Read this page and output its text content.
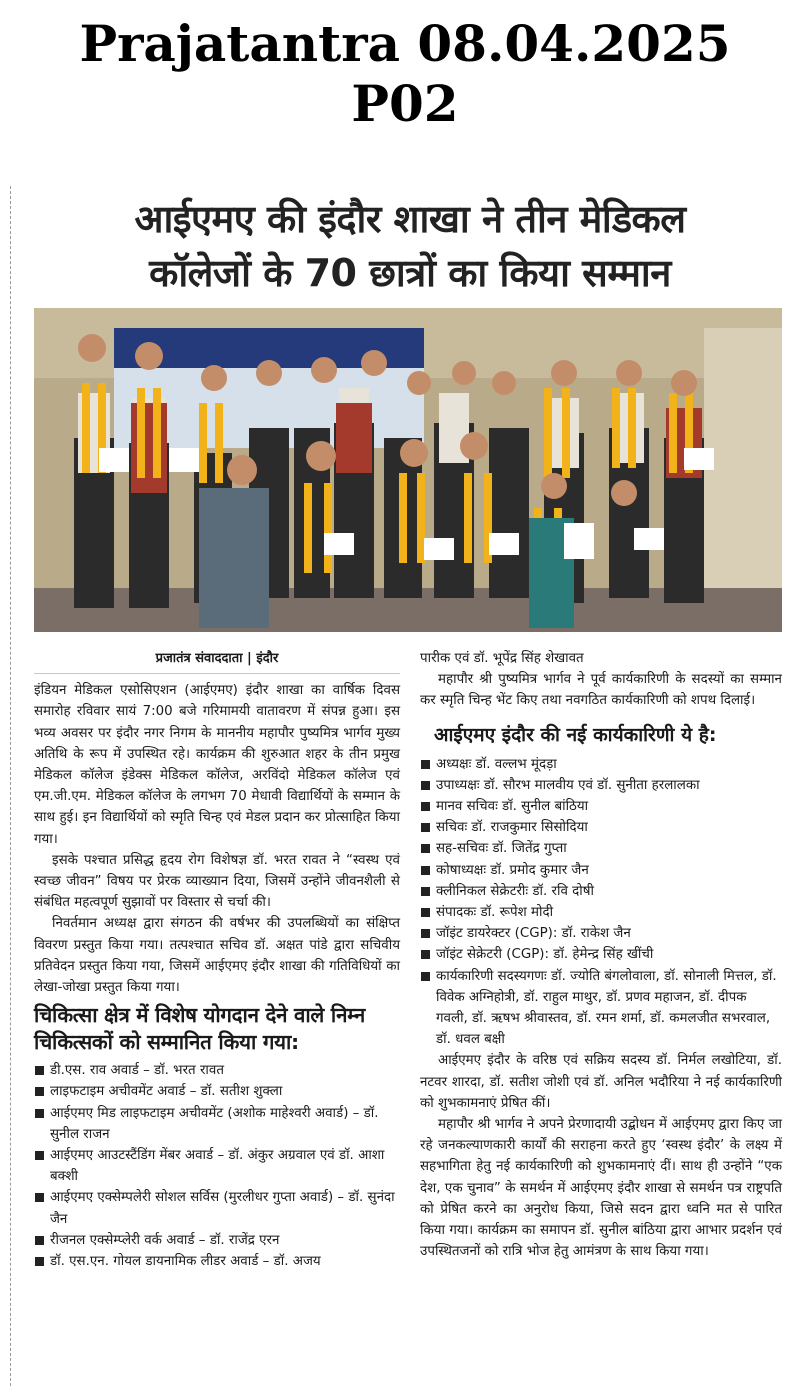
Prajatantra 08.04.2025
P02
आईएमए की इंदौर शाखा ने तीन मेडिकल
कॉलेजों के 70 छात्रों का किया सम्मान
प्रजातंत्र संवाददाता | इंदौर

इंडियन मेडिकल एसोसिएशन (आईएमए) इंदौर शाखा का वार्षिक दिवस समारोह रविवार सायं 7:00 बजे गरिमामयी वातावरण में संपन्न हुआ। इस भव्य अवसर पर इंदौर नगर निगम के माननीय महापौर पुष्यमित्र भार्गव मुख्य अतिथि के रूप में उपस्थित रहे। कार्यक्रम की शुरुआत शहर के तीन प्रमुख मेडिकल कॉलेज इंडेक्स मेडिकल कॉलेज, अरविंदो मेडिकल कॉलेज एवं एम.जी.एम. मेडिकल कॉलेज के लगभग 70 मेधावी विद्यार्थियों के सम्मान के साथ हुई। इन विद्यार्थियों को स्मृति चिन्ह एवं मेडल प्रदान कर प्रोत्साहित किया गया।

इसके पश्चात प्रसिद्ध हृदय रोग विशेषज्ञ डॉ. भरत रावत ने “स्वस्थ एवं स्वच्छ जीवन” विषय पर प्रेरक व्याख्यान दिया, जिसमें उन्होंने जीवनशैली से संबंधित महत्वपूर्ण सुझावों पर विस्तार से चर्चा की।

निवर्तमान अध्यक्ष द्वारा संगठन की वर्षभर की उपलब्धियों का संक्षिप्त विवरण प्रस्तुत किया गया। तत्पश्चात सचिव डॉ. अक्षत पांडे द्वारा सचिवीय प्रतिवेदन प्रस्तुत किया गया, जिसमें आईएमए इंदौर शाखा की गतिविधियों का लेखा-जोखा प्रस्तुत किया गया।

चिकित्सा क्षेत्र में विशेष योगदान देने वाले निम्न चिकित्सकों को सम्मानित किया गया:
डी.एस. राव अवार्ड – डॉ. भरत रावत
लाइफटाइम अचीवमेंट अवार्ड – डॉ. सतीश शुक्ला
आईएमए मिड लाइफटाइम अचीवमेंट (अशोक माहेश्वरी अवार्ड) – डॉ. सुनील राजन
आईएमए आउटस्टैंडिंग मेंबर अवार्ड – डॉ. अंकुर अग्रवाल एवं डॉ. आशा बक्शी
आईएमए एक्सेम्पलेरी सोशल सर्विस (मुरलीधर गुप्ता अवार्ड) – डॉ. सुनंदा जैन
रीजनल एक्सेम्प्लेरी वर्क अवार्ड – डॉ. राजेंद्र एरन
डॉ. एस.एन. गोयल डायनामिक लीडर अवार्ड – डॉ. अजय

पारीक एवं डॉ. भूपेंद्र सिंह शेखावत

महापौर श्री पुष्यमित्र भार्गव ने पूर्व कार्यकारिणी के सदस्यों का सम्मान कर स्मृति चिन्ह भेंट किए तथा नवगठित कार्यकारिणी को शपथ दिलाई।

आईएमए इंदौर की नई कार्यकारिणी ये है:
अध्यक्षः डॉ. वल्लभ मूंदड़ा
उपाध्यक्षः डॉ. सौरभ मालवीय एवं डॉ. सुनीता हरलालका
मानव सचिवः डॉ. सुनील बांठिया
सचिवः डॉ. राजकुमार सिसोदिया
सह-सचिवः डॉ. जितेंद्र गुप्ता
कोषाध्यक्षः डॉ. प्रमोद कुमार जैन
क्लीनिकल सेक्रेटरीः डॉ. रवि दोषी
संपादकः डॉ. रूपेश मोदी
जॉइंट डायरेक्टर (CGP): डॉ. राकेश जैन
जॉइंट सेक्रेटरी (CGP): डॉ. हेमेन्द्र सिंह खींची
कार्यकारिणी सदस्यगणः डॉ. ज्योति बंगलोवाला, डॉ. सोनाली मित्तल, डॉ. विवेक अग्निहोत्री, डॉ. राहुल माथुर, डॉ. प्रणव महाजन, डॉ. दीपक गवली, डॉ. ऋषभ श्रीवास्तव, डॉ. रमन शर्मा, डॉ. कमलजीत सभरवाल, डॉ. धवल बक्षी

आईएमए इंदौर के वरिष्ठ एवं सक्रिय सदस्य डॉ. निर्मल लखोटिया, डॉ. नटवर शारदा, डॉ. सतीश जोशी एवं डॉ. अनिल भदौरिया ने नई कार्यकारिणी को शुभकामनाएं प्रेषित कीं।

महापौर श्री भार्गव ने अपने प्रेरणादायी उद्बोधन में आईएमए द्वारा किए जा रहे जनकल्याणकारी कार्यों की सराहना करते हुए ‘स्वस्थ इंदौर’ के लक्ष्य में सहभागिता हेतु नई कार्यकारिणी को शुभकामनाएं दीं। साथ ही उन्होंने “एक देश, एक चुनाव” के समर्थन में आईएमए इंदौर शाखा से समर्थन पत्र राष्ट्रपति को प्रेषित करने का अनुरोध किया, जिसे सदन द्वारा ध्वनि मत से पारित किया गया। कार्यक्रम का समापन डॉ. सुनील बांठिया द्वारा आभार प्रदर्शन एवं उपस्थितजनों को रात्रि भोज हेतु आमंत्रण के साथ किया गया।
